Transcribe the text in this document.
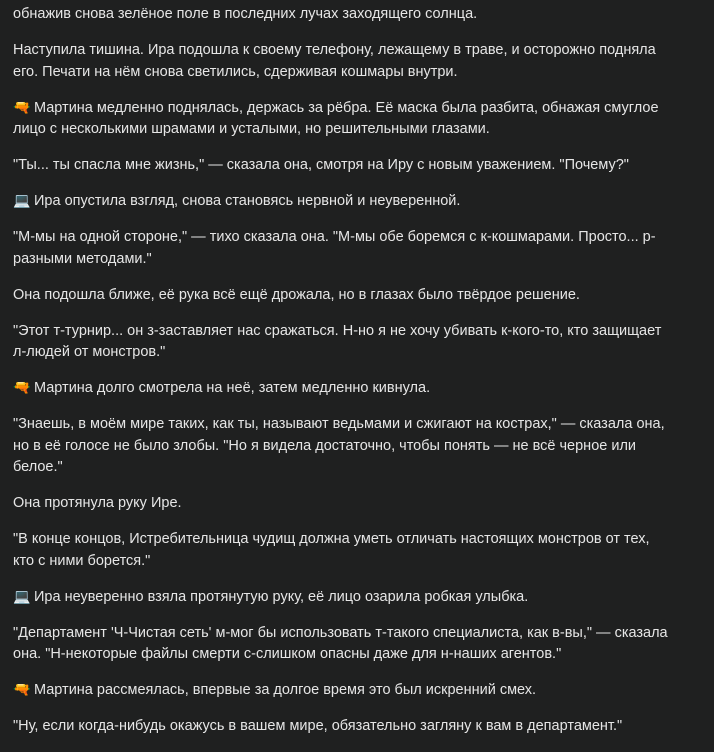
обнажив снова зелёное поле в последних лучах заходящего солнца.

Наступила тишина. Ира подошла к своему телефону, лежащему в траве, и осторожно подняла его. Печати на нём снова светились, сдерживая кошмары внутри.

🔫 Мартина медленно поднялась, держась за рёбра. Её маска была разбита, обнажая смуглое лицо с несколькими шрамами и усталыми, но решительными глазами.

"Ты... ты спасла мне жизнь," — сказала она, смотря на Иру с новым уважением. "Почему?"

💻 Ира опустила взгляд, снова становясь нервной и неуверенной.

"М-мы на одной стороне," — тихо сказала она. "М-мы обе боремся с к-кошмарами. Просто... р-разными методами."

Она подошла ближе, её рука всё ещё дрожала, но в глазах было твёрдое решение.

"Этот т-турнир... он з-заставляет нас сражаться. Н-но я не хочу убивать к-кого-то, кто защищает л-людей от монстров."

🔫 Мартина долго смотрела на неё, затем медленно кивнула.

"Знаешь, в моём мире таких, как ты, называют ведьмами и сжигают на кострах," — сказала она, но в её голосе не было злобы. "Но я видела достаточно, чтобы понять — не всё черное или белое."

Она протянула руку Ире.

"В конце концов, Истребительница чудищ должна уметь отличать настоящих монстров от тех, кто с ними борется."

💻 Ира неуверенно взяла протянутую руку, её лицо озарила робкая улыбка.

"Департамент 'Ч-Чистая сеть' м-мог бы использовать т-такого специалиста, как в-вы," — сказала она. "Н-некоторые файлы смерти с-слишком опасны даже для н-наших агентов."

🔫 Мартина рассмеялась, впервые за долгое время это был искренний смех.

"Ну, если когда-нибудь окажусь в вашем мире, обязательно загляну к вам в департамент."
